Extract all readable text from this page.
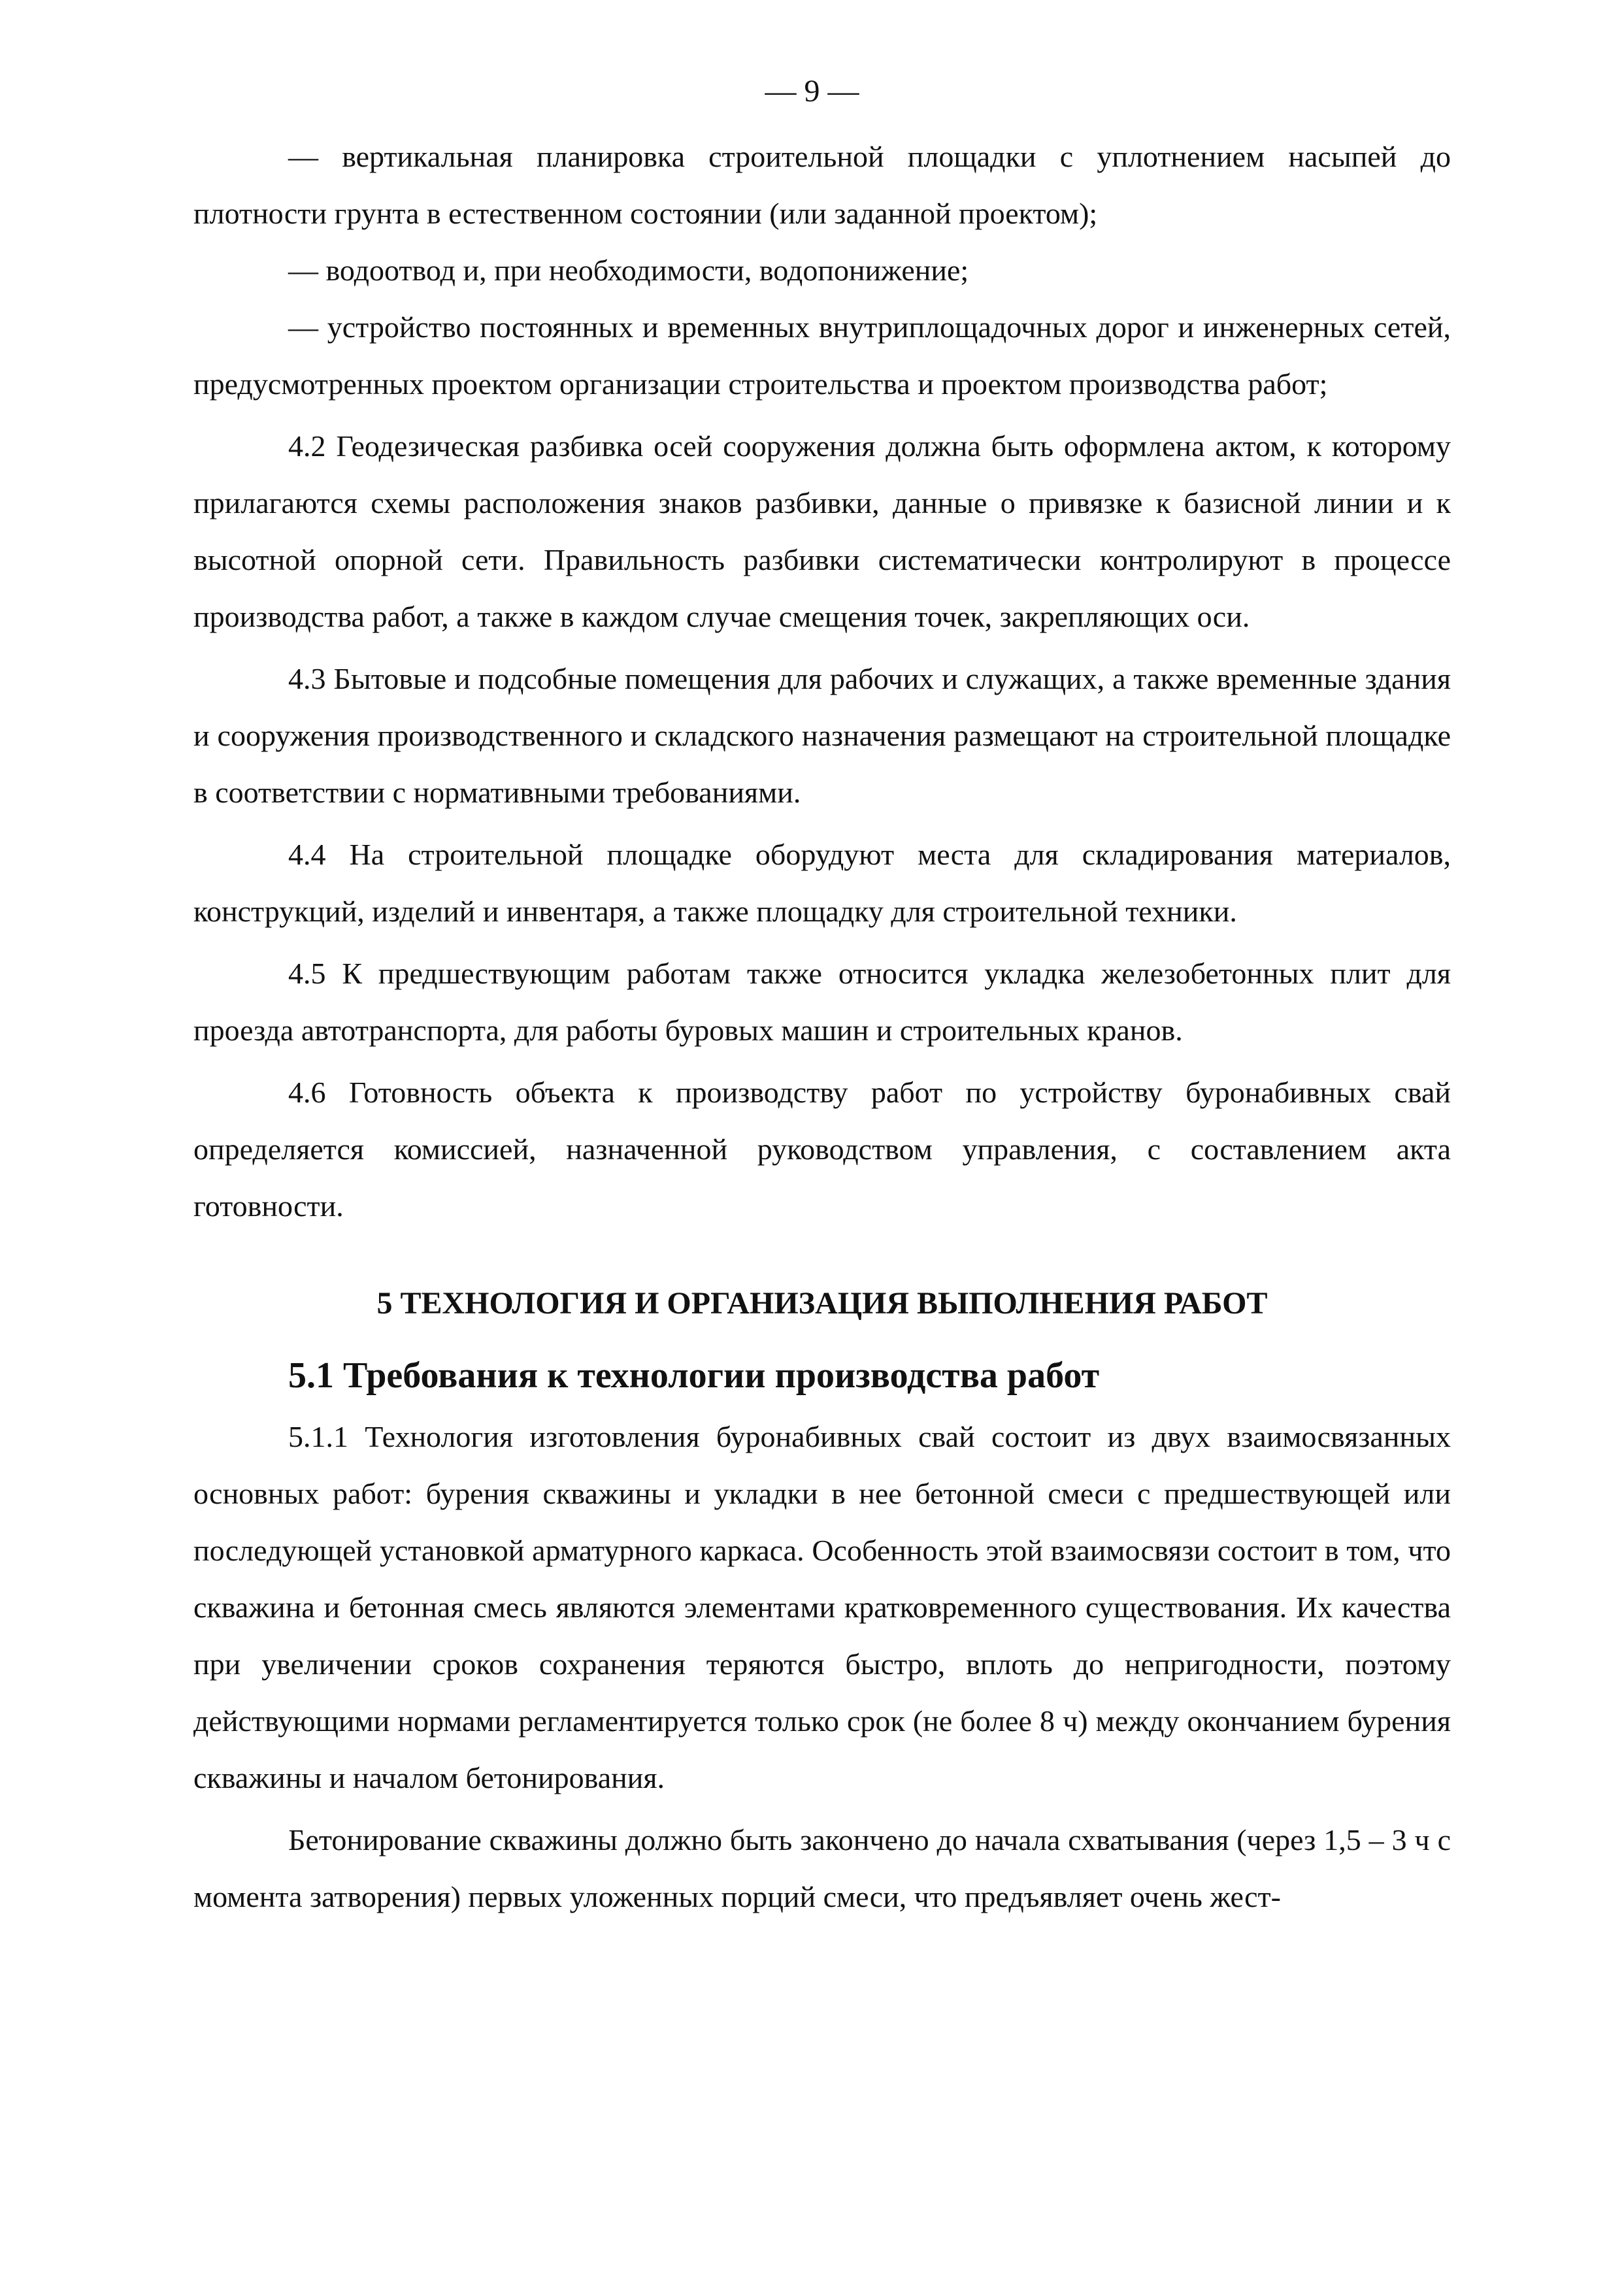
— 9 —

— вертикальная планировка строительной площадки с уплотнением насыпей до плотности грунта в естественном состоянии (или заданной проектом);

— водоотвод и, при необходимости, водопонижение;

— устройство постоянных и временных внутриплощадочных дорог и инженерных сетей, предусмотренных проектом организации строительства и проектом производства работ;

4.2 Геодезическая разбивка осей сооружения должна быть оформлена актом, к которому прилагаются схемы расположения знаков разбивки, данные о привязке к базисной линии и к высотной опорной сети. Правильность разбивки систематически контролируют в процессе производства работ, а также в каждом случае смещения точек, закрепляющих оси.

4.3 Бытовые и подсобные помещения для рабочих и служащих, а также временные здания и сооружения производственного и складского назначения размещают на строительной площадке в соответствии с нормативными требованиями.

4.4 На строительной площадке оборудуют места для складирования материалов, конструкций, изделий и инвентаря, а также площадку для строительной техники.

4.5 К предшествующим работам также относится укладка железобетонных плит для проезда автотранспорта, для работы буровых машин и строительных кранов.

4.6 Готовность объекта к производству работ по устройству буронабивных свай определяется комиссией, назначенной руководством управления, с составлением акта готовности.

5 ТЕХНОЛОГИЯ И ОРГАНИЗАЦИЯ ВЫПОЛНЕНИЯ РАБОТ

5.1 Требования к технологии производства работ

5.1.1 Технология изготовления буронабивных свай состоит из двух взаимосвязанных основных работ: бурения скважины и укладки в нее бетонной смеси с предшествующей или последующей установкой арматурного каркаса. Особенность этой взаимосвязи состоит в том, что скважина и бетонная смесь являются элементами кратковременного существования. Их качества при увеличении сроков сохранения теряются быстро, вплоть до непригодности, поэтому действующими нормами регламентируется только срок (не более 8 ч) между окончанием бурения скважины и началом бетонирования.

Бетонирование скважины должно быть закончено до начала схватывания (через 1,5 – 3 ч с момента затворения) первых уложенных порций смеси, что предъявляет очень жест-
